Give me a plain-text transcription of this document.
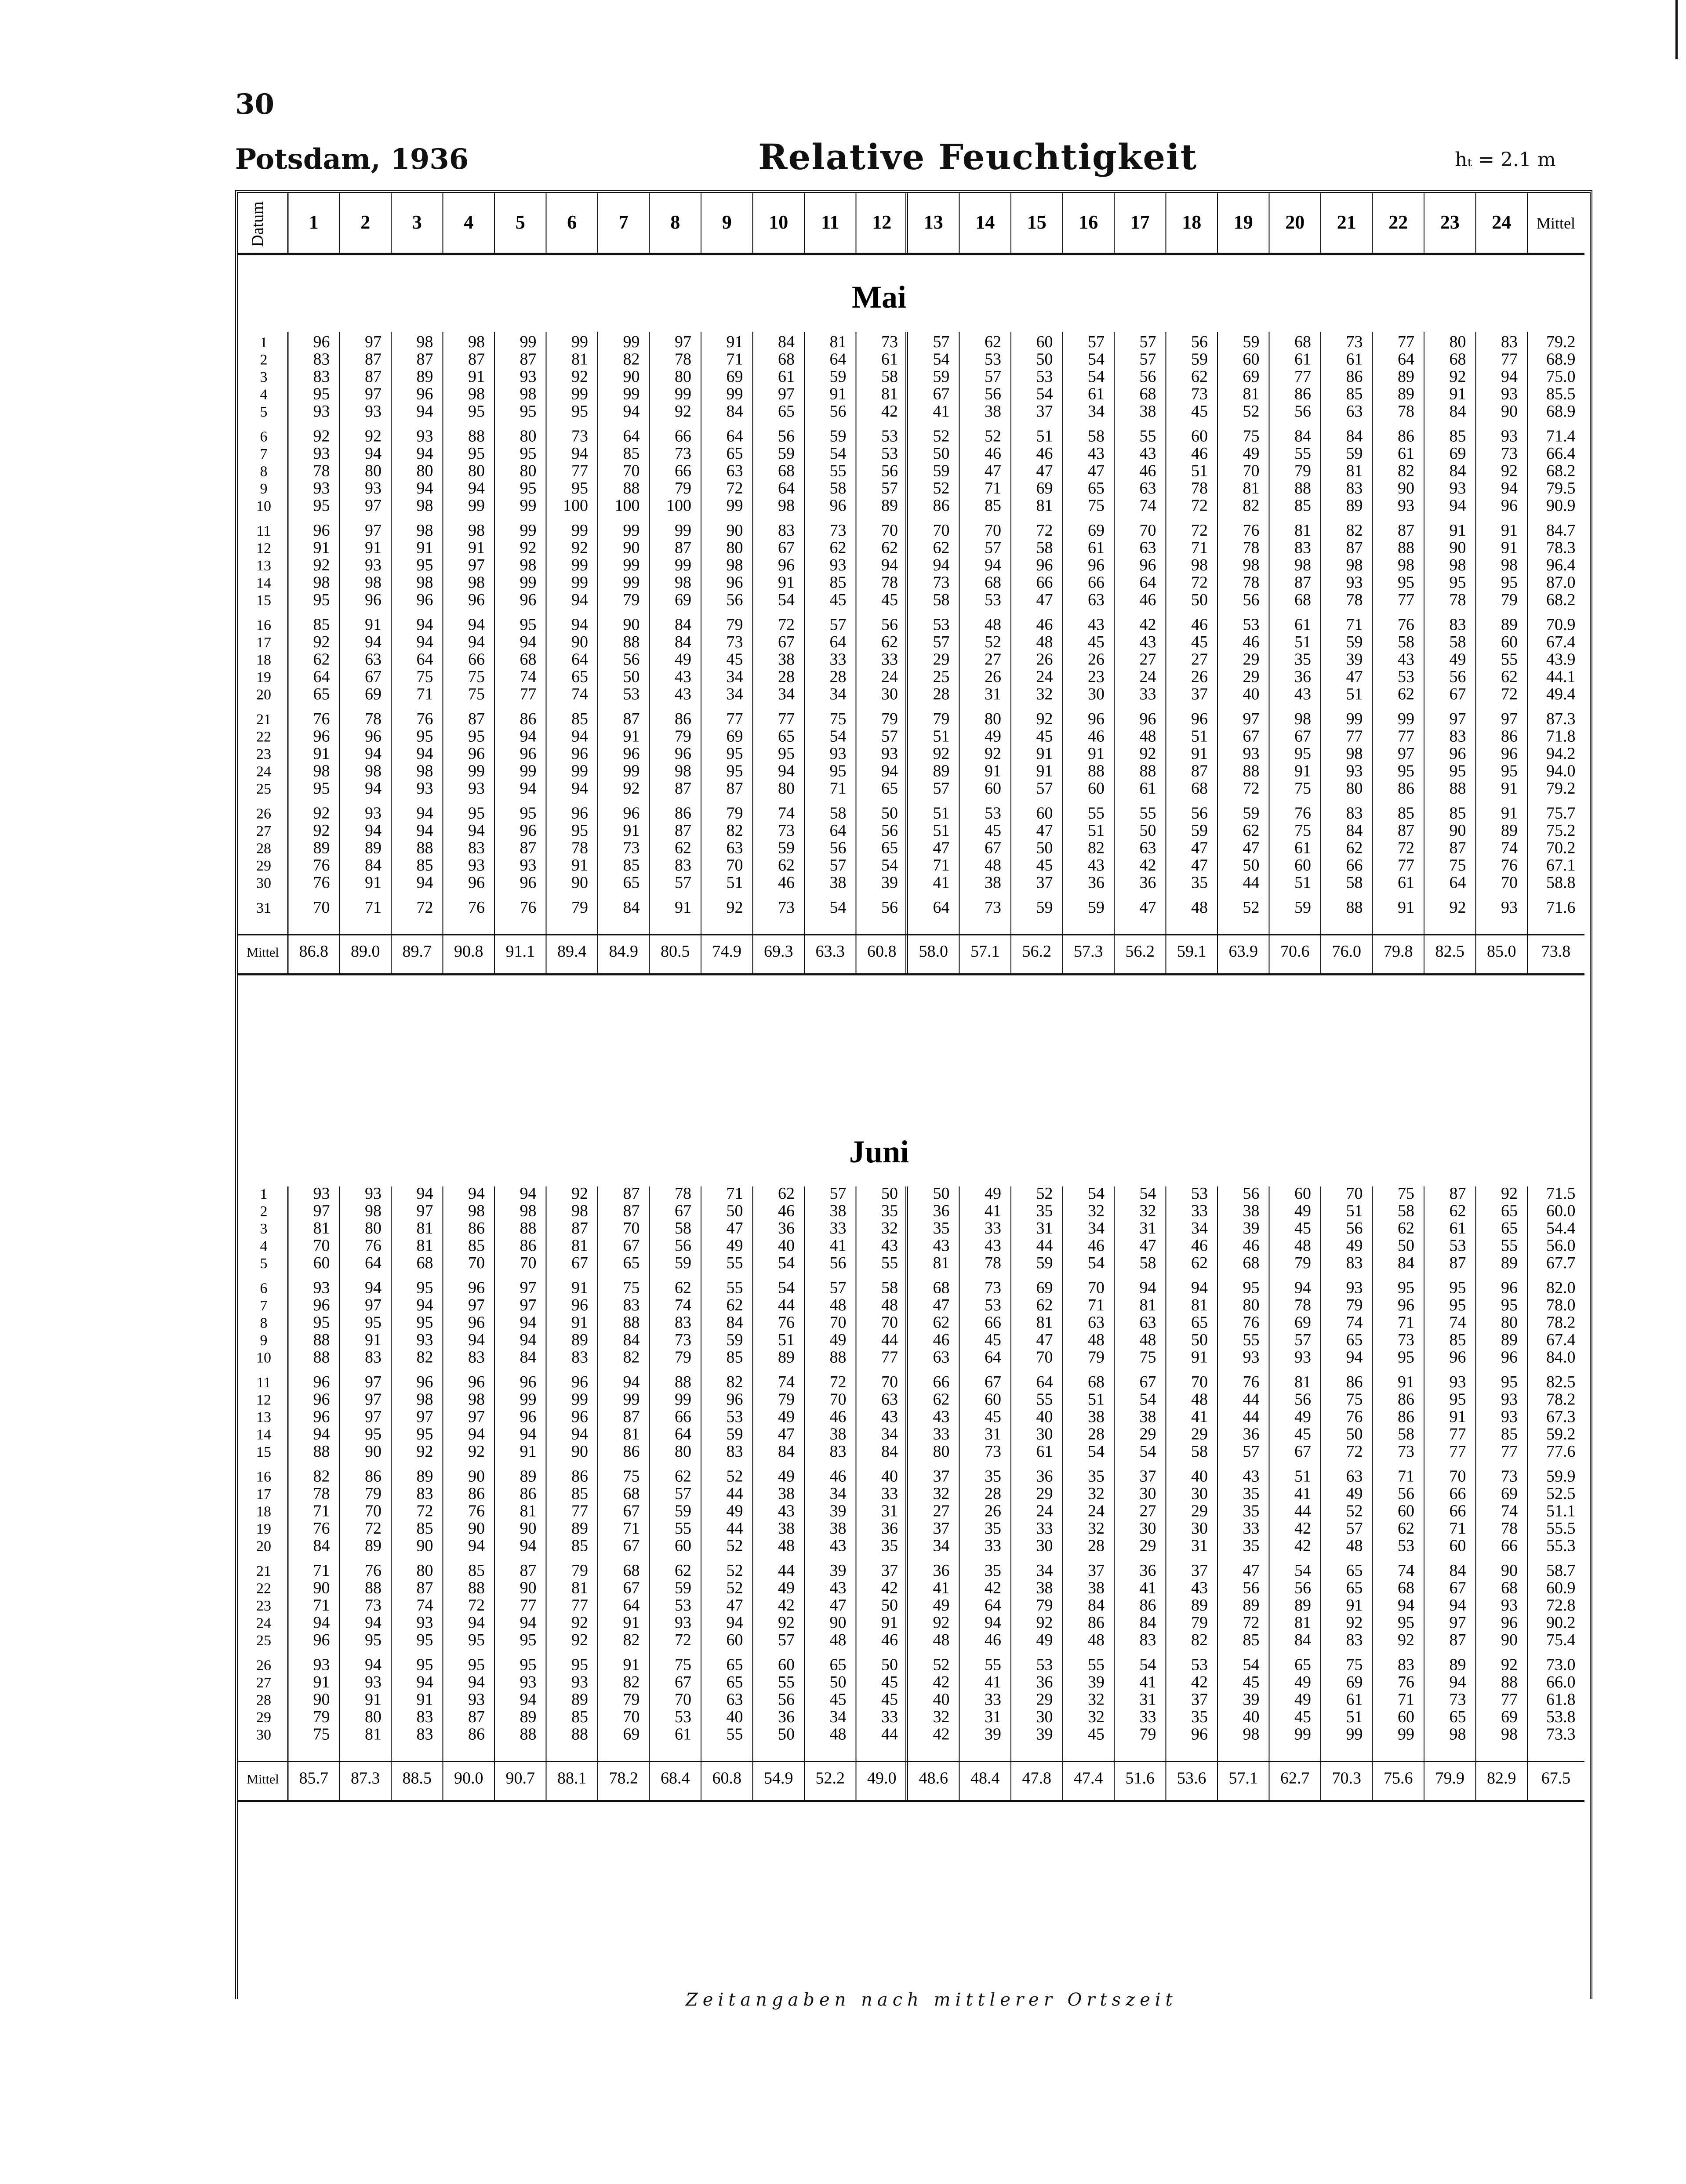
30
Potsdam, 1936	Relative Feuchtigkeit	hₜ = 2.1 m
Datum 1 2 3 4 5 6 7 8 9 10 11 12 13 14 15 16 17 18 19 20 21 22 23 24 Mittel
Mai
1	96 97 98 98 99 99 99 97 91 84 81 73 57 62 60 57 57 56 59 68 73 77 80 83 79.2
2	83 87 87 87 87 81 82 78 71 68 64 61 54 53 50 54 57 59 60 61 61 64 68 77 68.9
3	83 87 89 91 93 92 90 80 69 61 59 58 59 57 53 54 56 62 69 77 86 89 92 94 75.0
4	95 97 96 98 98 99 99 99 99 97 91 81 67 56 54 61 68 73 81 86 85 89 91 93 85.5
5	93 93 94 95 95 95 94 92 84 65 56 42 41 38 37 34 38 45 52 56 63 78 84 90 68.9
6	92 92 93 88 80 73 64 66 64 56 59 53 52 52 51 58 55 60 75 84 84 86 85 93 71.4
7	93 94 94 95 95 94 85 73 65 59 54 53 50 46 46 43 43 46 49 55 59 61 69 73 66.4
8	78 80 80 80 80 77 70 66 63 68 55 56 59 47 47 47 46 51 70 79 81 82 84 92 68.2
9	93 93 94 94 95 95 88 79 72 64 58 57 52 71 69 65 63 78 81 88 83 90 93 94 79.5
10	95 97 98 99 99 100 100 100 99 98 96 89 86 85 81 75 74 72 82 85 89 93 94 96 90.9
11	96 97 98 98 99 99 99 99 90 83 73 70 70 70 72 69 70 72 76 81 82 87 91 91 84.7
12	91 91 91 91 92 92 90 87 80 67 62 62 62 57 58 61 63 71 78 83 87 88 90 91 78.3
13	92 93 95 97 98 99 99 99 98 96 93 94 94 94 96 96 96 98 98 98 98 98 98 98 96.4
14	98 98 98 98 99 99 99 98 96 91 85 78 73 68 66 66 64 72 78 87 93 95 95 95 87.0
15	95 96 96 96 96 94 79 69 56 54 45 45 58 53 47 63 46 50 56 68 78 77 78 79 68.2
16	85 91 94 94 95 94 90 84 79 72 57 56 53 48 46 43 42 46 53 61 71 76 83 89 70.9
17	92 94 94 94 94 90 88 84 73 67 64 62 57 52 48 45 43 45 46 51 59 58 58 60 67.4
18	62 63 64 66 68 64 56 49 45 38 33 33 29 27 26 26 27 27 29 35 39 43 49 55 43.9
19	64 67 75 75 74 65 50 43 34 28 28 24 25 26 24 23 24 26 29 36 47 53 56 62 44.1
20	65 69 71 75 77 74 53 43 34 34 34 30 28 31 32 30 33 37 40 43 51 62 67 72 49.4
21	76 78 76 87 86 85 87 86 77 77 75 79 79 80 92 96 96 96 97 98 99 99 97 97 87.3
22	96 96 95 95 94 94 91 79 69 65 54 57 51 49 45 46 48 51 67 67 77 77 83 86 71.8
23	91 94 94 96 96 96 96 96 95 95 93 93 92 92 91 91 92 91 93 95 98 97 96 96 94.2
24	98 98 98 99 99 99 99 98 95 94 95 94 89 91 91 88 88 87 88 91 93 95 95 95 94.0
25	95 94 93 93 94 94 92 87 87 80 71 65 57 60 57 60 61 68 72 75 80 86 88 91 79.2
26	92 93 94 95 95 96 96 86 79 74 58 50 51 53 60 55 55 56 59 76 83 85 85 91 75.7
27	92 94 94 94 96 95 91 87 82 73 64 56 51 45 47 51 50 59 62 75 84 87 90 89 75.2
28	89 89 88 83 87 78 73 62 63 59 56 65 47 67 50 82 63 47 47 61 62 72 87 74 70.2
29	76 84 85 93 93 91 85 83 70 62 57 54 71 48 45 43 42 47 50 60 66 77 75 76 67.1
30	76 91 94 96 96 90 65 57 51 46 38 39 41 38 37 36 36 35 44 51 58 61 64 70 58.8
31	70 71 72 76 76 79 84 91 92 73 54 56 64 73 59 59 47 48 52 59 88 91 92 93 71.6
Mittel 86.8 89.0 89.7 90.8 91.1 89.4 84.9 80.5 74.9 69.3 63.3 60.8 58.0 57.1 56.2 57.3 56.2 59.1 63.9 70.6 76.0 79.8 82.5 85.0 73.8
Juni
1	93 93 94 94 94 92 87 78 71 62 57 50 50 49 52 54 54 53 56 60 70 75 87 92 71.5
2	97 98 97 98 98 98 87 67 50 46 38 35 36 41 35 32 32 33 38 49 51 58 62 65 60.0
3	81 80 81 86 88 87 70 58 47 36 33 32 35 33 31 34 31 34 39 45 56 62 61 65 54.4
4	70 76 81 85 86 81 67 56 49 40 41 43 43 43 44 46 47 46 46 48 49 50 53 55 56.0
5	60 64 68 70 70 67 65 59 55 54 56 55 81 78 59 54 58 62 68 79 83 84 87 89 67.7
6	93 94 95 96 97 91 75 62 55 54 57 58 68 73 69 70 94 94 95 94 93 95 95 96 82.0
7	96 97 94 97 97 96 83 74 62 44 48 48 47 53 62 71 81 81 80 78 79 96 95 95 78.0
8	95 95 95 96 94 91 88 83 84 76 70 70 62 66 81 63 63 65 76 69 74 71 74 80 78.2
9	88 91 93 94 94 89 84 73 59 51 49 44 46 45 47 48 48 50 55 57 65 73 85 89 67.4
10	88 83 82 83 84 83 82 79 85 89 88 77 63 64 70 79 75 91 93 93 94 95 96 96 84.0
11	96 97 96 96 96 96 94 88 82 74 72 70 66 67 64 68 67 70 76 81 86 91 93 95 82.5
12	96 97 98 98 99 99 99 99 96 79 70 63 62 60 55 51 54 48 44 56 75 86 95 93 78.2
13	96 97 97 97 96 96 87 66 53 49 46 43 43 45 40 38 38 41 44 49 76 86 91 93 67.3
14	94 95 95 94 94 94 81 64 59 47 38 34 33 31 30 28 29 29 36 45 50 58 77 85 59.2
15	88 90 92 92 91 90 86 80 83 84 83 84 80 73 61 54 54 58 57 67 72 73 77 77 77.6
16	82 86 89 90 89 86 75 62 52 49 46 40 37 35 36 35 37 40 43 51 63 71 70 73 59.9
17	78 79 83 86 86 85 68 57 44 38 34 33 32 28 29 32 30 30 35 41 49 56 66 69 52.5
18	71 70 72 76 81 77 67 59 49 43 39 31 27 26 24 24 27 29 35 44 52 60 66 74 51.1
19	76 72 85 90 90 89 71 55 44 38 38 36 37 35 33 32 30 30 33 42 57 62 71 78 55.5
20	84 89 90 94 94 85 67 60 52 48 43 35 34 33 30 28 29 31 35 42 48 53 60 66 55.3
21	71 76 80 85 87 79 68 62 52 44 39 37 36 35 34 37 36 37 47 54 65 74 84 90 58.7
22	90 88 87 88 90 81 67 59 52 49 43 42 41 42 38 38 41 43 56 56 65 68 67 68 60.9
23	71 73 74 72 77 77 64 53 47 42 47 50 49 64 79 84 86 89 89 89 91 94 94 93 72.8
24	94 94 93 94 94 92 91 93 94 92 90 91 92 94 92 86 84 79 72 81 92 95 97 96 90.2
25	96 95 95 95 95 92 82 72 60 57 48 46 48 46 49 48 83 82 85 84 83 92 87 90 75.4
26	93 94 95 95 95 95 91 75 65 60 65 50 52 55 53 55 54 53 54 65 75 83 89 92 73.0
27	91 93 94 94 93 93 82 67 65 55 50 45 42 41 36 39 41 42 45 49 69 76 94 88 66.0
28	90 91 91 93 94 89 79 70 63 56 45 45 40 33 29 32 31 37 39 49 61 71 73 77 61.8
29	79 80 83 87 89 85 70 53 40 36 34 33 32 31 30 32 33 35 40 45 51 60 65 69 53.8
30	75 81 83 86 88 88 69 61 55 50 48 44 42 39 39 45 79 96 98 99 99 99 98 98 73.3
Mittel 85.7 87.3 88.5 90.0 90.7 88.1 78.2 68.4 60.8 54.9 52.2 49.0 48.6 48.4 47.8 47.4 51.6 53.6 57.1 62.7 70.3 75.6 79.9 82.9 67.5
Zeitangaben nach mittlerer Ortszeit
